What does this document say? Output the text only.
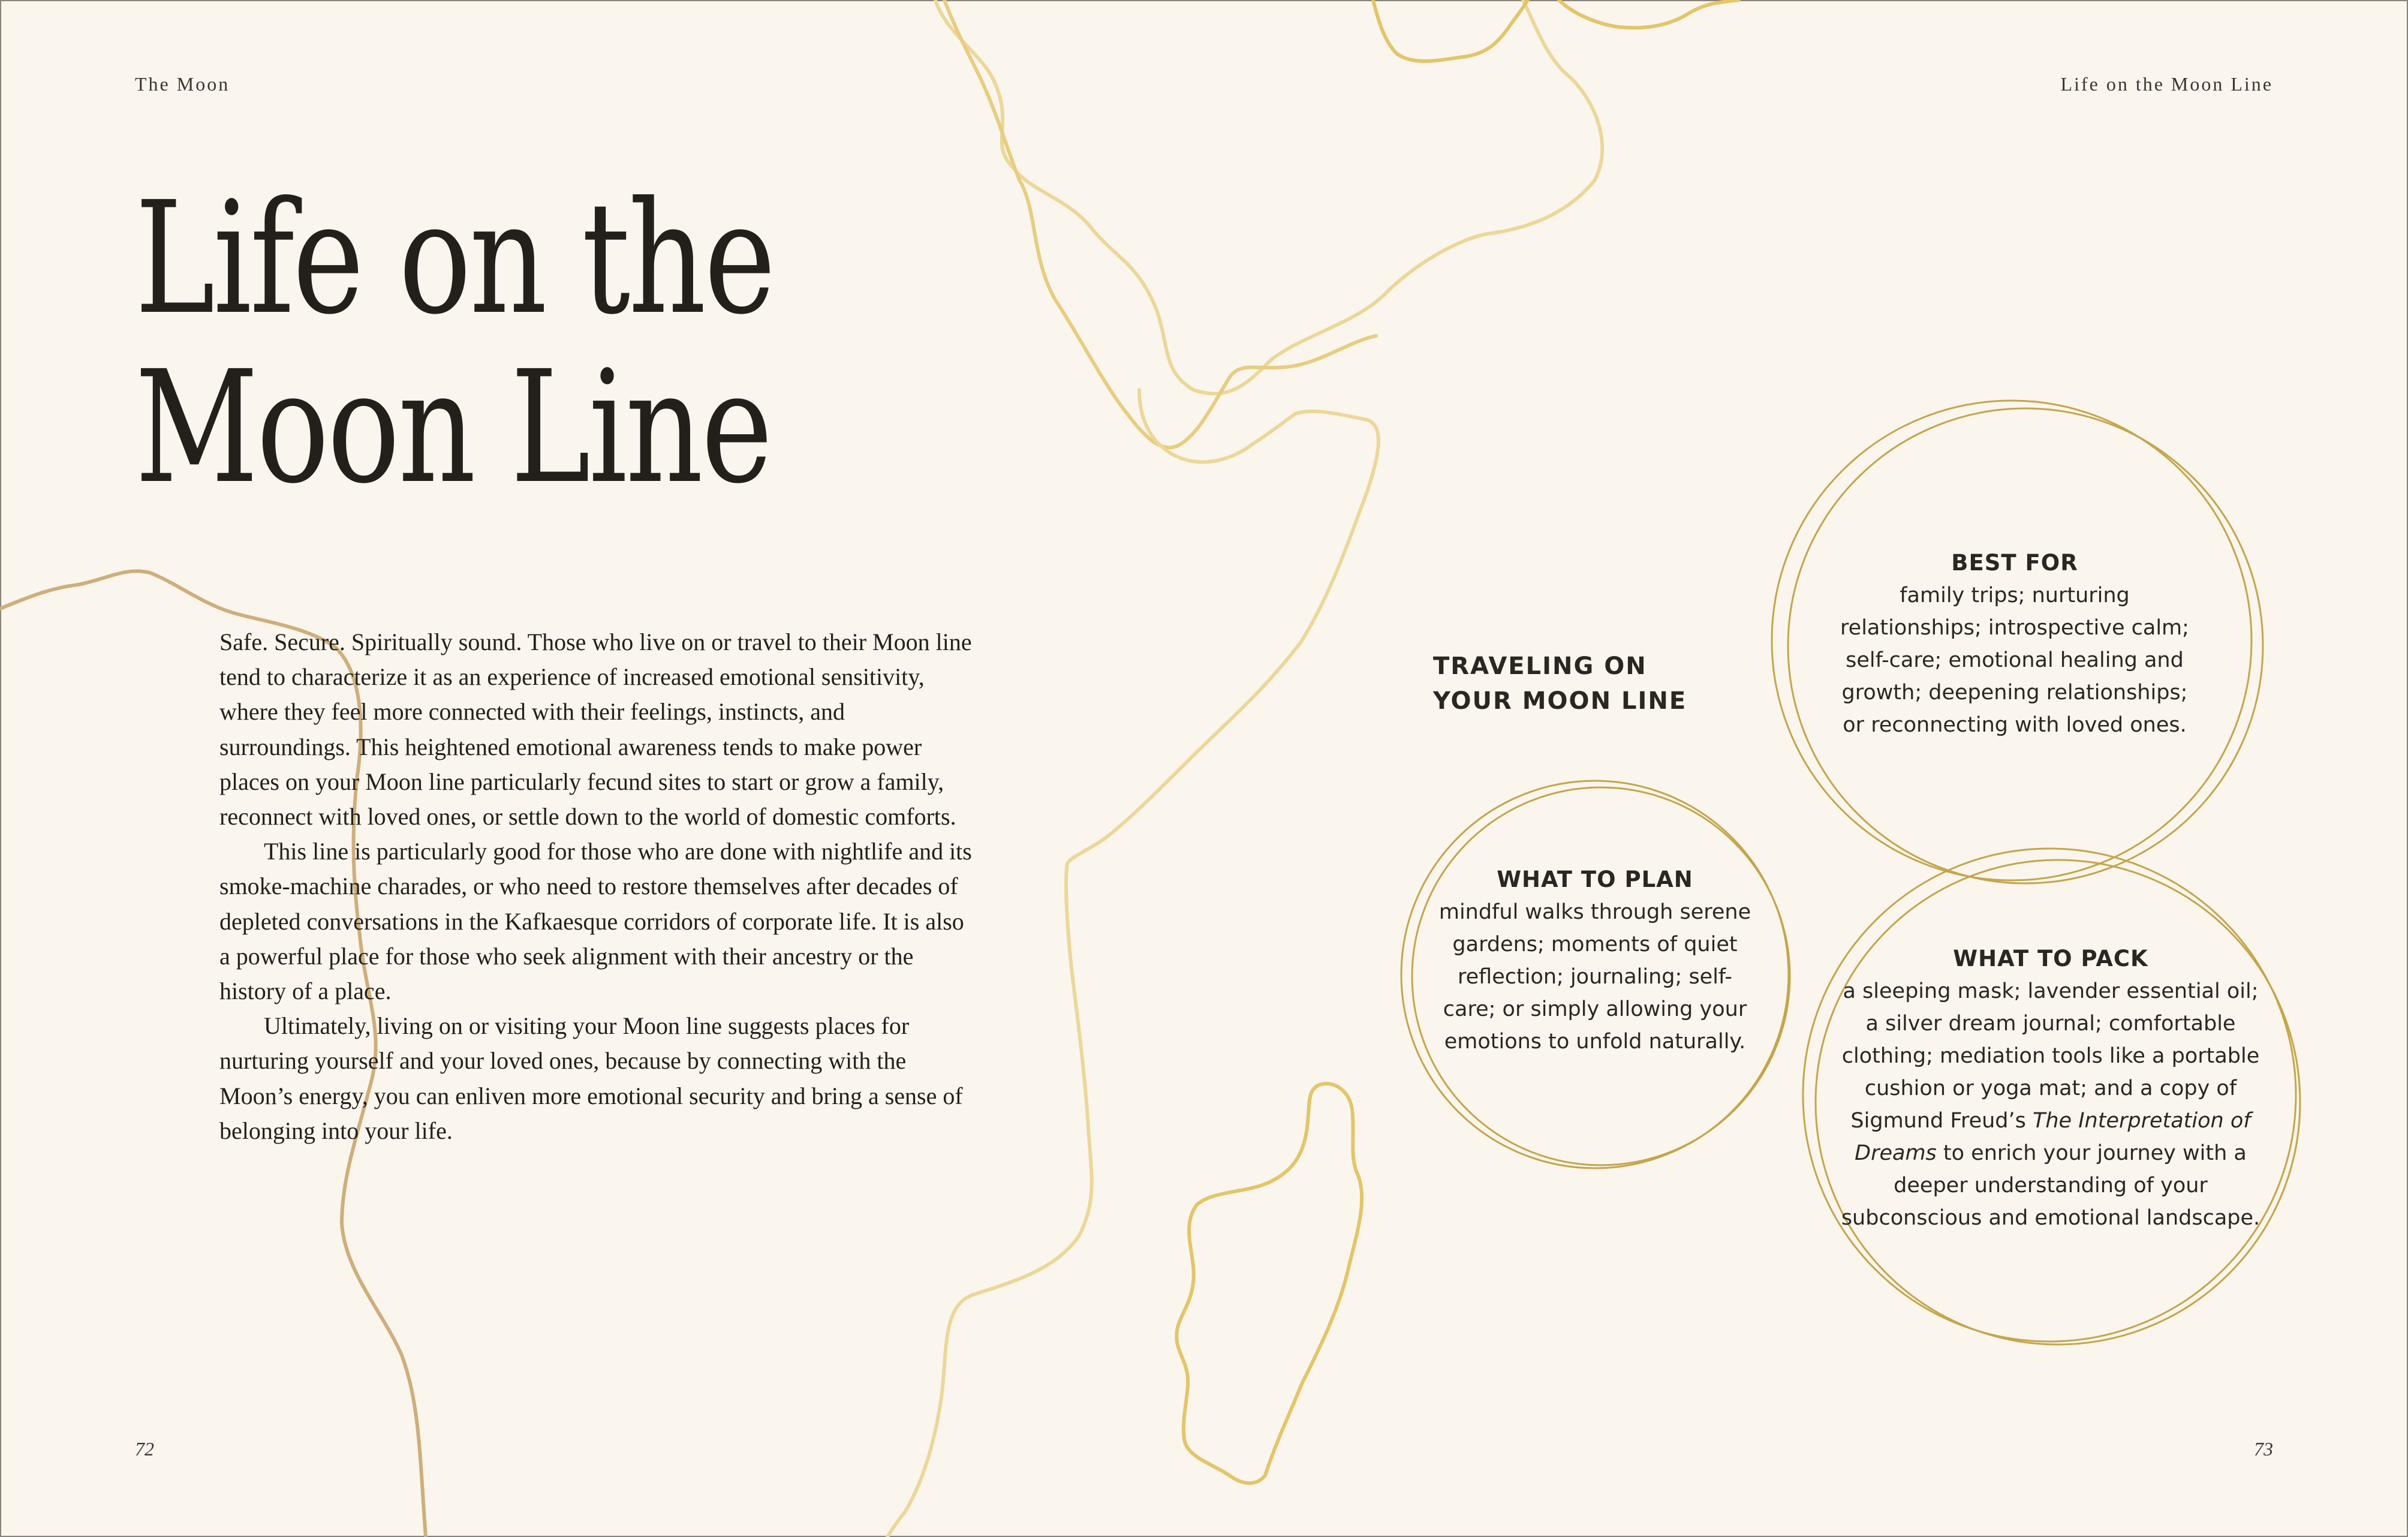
The Moon	Life on the Moon Line
Life on the
Moon Line

Safe. Secure. Spiritually sound. Those who live on or travel to their Moon line tend to characterize it as an experience of increased emotional sensitivity, where they feel more connected with their feelings, instincts, and surroundings. This heightened emotional awareness tends to make power places on your Moon line particularly fecund sites to start or grow a family, reconnect with loved ones, or settle down to the world of domestic comforts.

This line is particularly good for those who are done with nightlife and its smoke-machine charades, or who need to restore themselves after decades of depleted conversations in the Kafkaesque corridors of corporate life. It is also a powerful place for those who seek alignment with their ancestry or the history of a place.

Ultimately, living on or visiting your Moon line suggests places for nurturing yourself and your loved ones, because by connecting with the Moon’s energy, you can enliven more emotional security and bring a sense of belonging into your life.

TRAVELING ON
YOUR MOON LINE
BEST FOR

family trips; nurturing relationships; introspective calm; self-care; emotional healing and growth; deepening relationships; or reconnecting with loved ones.

WHAT TO PLAN

mindful walks through serene gardens; moments of quiet reflection; journaling; self-care; or simply allowing your emotions to unfold naturally.

WHAT TO PACK

a sleeping mask; lavender essential oil; a silver dream journal; comfortable clothing; mediation tools like a portable cushion or yoga mat; and a copy of Sigmund Freud’s The Interpretation of Dreams to enrich your journey with a deeper understanding of your subconscious and emotional landscape.

72	73
